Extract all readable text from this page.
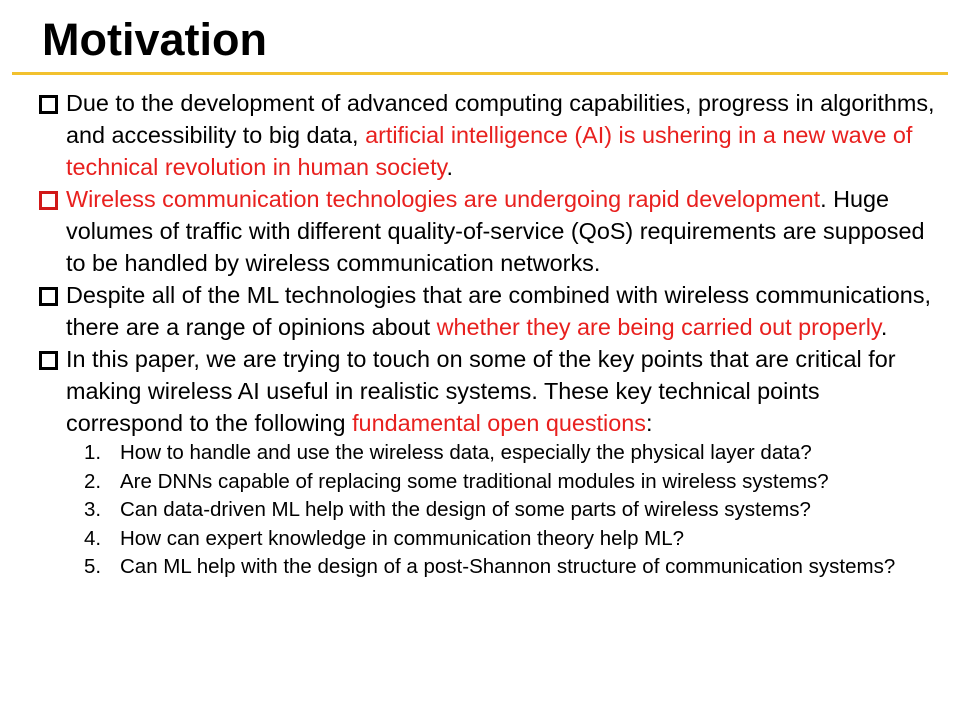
Motivation
Due to the development of advanced computing capabilities, progress in algorithms, and accessibility to big data, artificial intelligence (AI) is ushering in a new wave of technical revolution in human society.
Wireless communication technologies are undergoing rapid development. Huge volumes of traffic with different quality-of-service (QoS) requirements are supposed to be handled by wireless communication networks.
Despite all of the ML technologies that are combined with wireless communications, there are a range of opinions about whether they are being carried out properly.
In this paper, we are trying to touch on some of the key points that are critical for making wireless AI useful in realistic systems. These key technical points correspond to the following fundamental open questions:
1. How to handle and use the wireless data, especially the physical layer data?
2. Are DNNs capable of replacing some traditional modules in wireless systems?
3. Can data-driven ML help with the design of some parts of wireless systems?
4. How can expert knowledge in communication theory help ML?
5. Can ML help with the design of a post-Shannon structure of communication systems?
